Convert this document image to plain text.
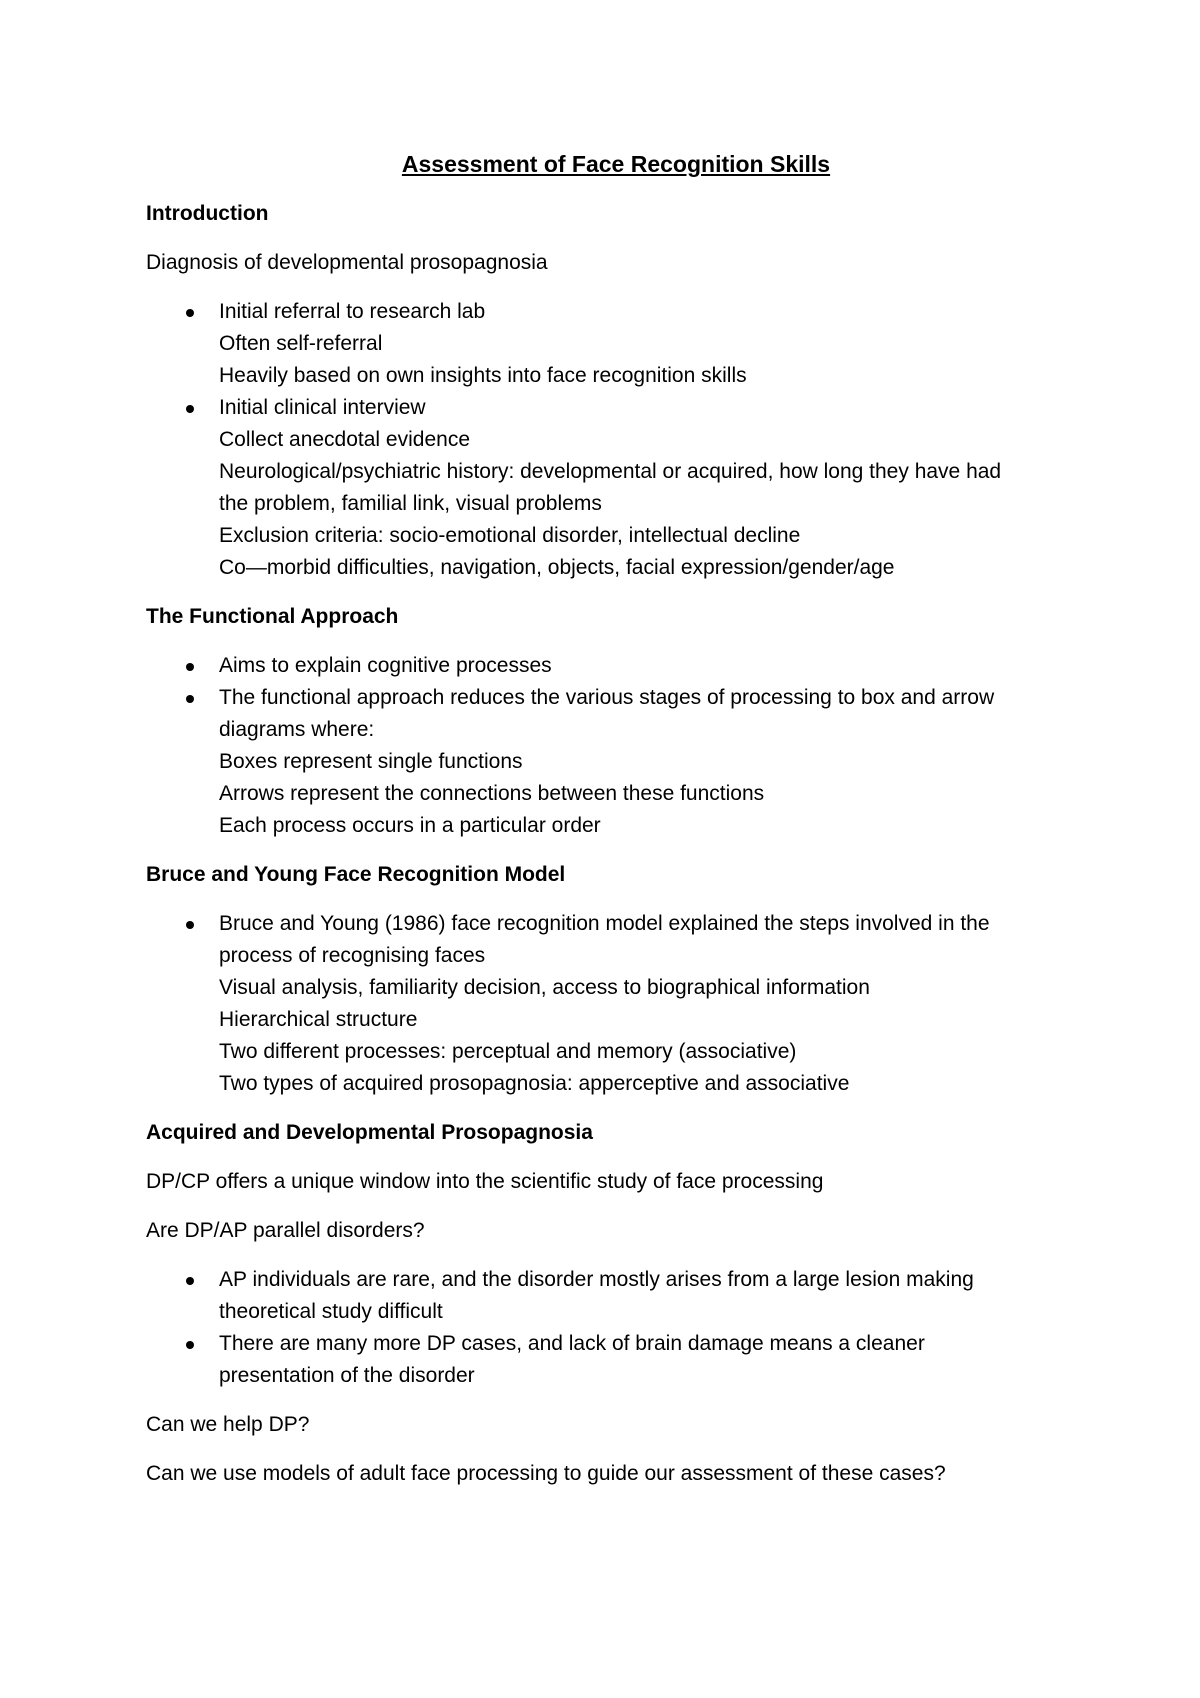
Assessment of Face Recognition Skills
Introduction
Diagnosis of developmental prosopagnosia
Initial referral to research lab
Often self-referral
Heavily based on own insights into face recognition skills
Initial clinical interview
Collect anecdotal evidence
Neurological/psychiatric history: developmental or acquired, how long they have had
the problem, familial link, visual problems
Exclusion criteria: socio-emotional disorder, intellectual decline
Co—morbid difficulties, navigation, objects, facial expression/gender/age
The Functional Approach
Aims to explain cognitive processes
The functional approach reduces the various stages of processing to box and arrow
diagrams where:
Boxes represent single functions
Arrows represent the connections between these functions
Each process occurs in a particular order
Bruce and Young Face Recognition Model
Bruce and Young (1986) face recognition model explained the steps involved in the
process of recognising faces
Visual analysis, familiarity decision, access to biographical information
Hierarchical structure
Two different processes: perceptual and memory (associative)
Two types of acquired prosopagnosia: apperceptive and associative
Acquired and Developmental Prosopagnosia
DP/CP offers a unique window into the scientific study of face processing
Are DP/AP parallel disorders?
AP individuals are rare, and the disorder mostly arises from a large lesion making
theoretical study difficult
There are many more DP cases, and lack of brain damage means a cleaner
presentation of the disorder
Can we help DP?
Can we use models of adult face processing to guide our assessment of these cases?
